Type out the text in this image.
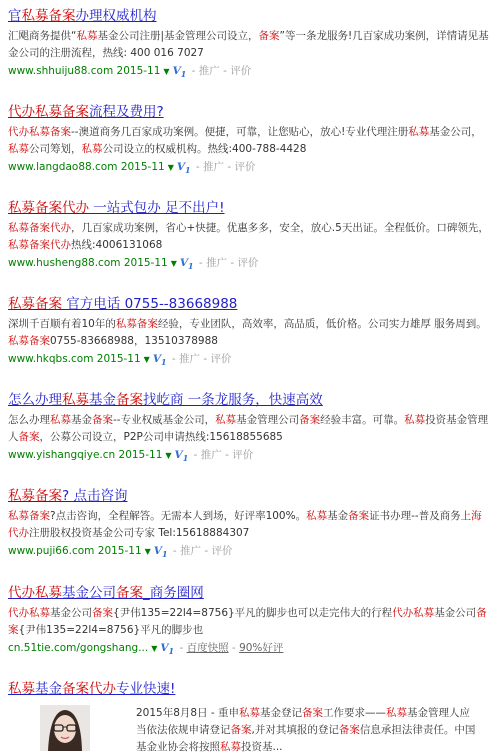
官私募备案办理权威机构
汇飓商务提供“私募基金公司注册|基金管理公司设立，备案”等一条龙服务!几百家成功案例，详情请见基金公司的注册流程，热线: 400 016 7027
www.shhuiju88.com 2015-11 ▼ $V_1$ - 推广 - 评价
代办私募备案流程及费用?
代办私募备案--澳道商务几百家成功案例。便捷，可靠，让您贴心，放心!专业代理注册私募基金公司，私募公司筹划，私募公司设立的权威机构。热线:400-788-4428
www.langdao88.com 2015-11 ▼ $V_1$ - 推广 - 评价
私募备案代办 一站式包办 足不出户!
私募备案代办，几百家成功案例，省心+快捷。优惠多多，安全，放心.5天出证。全程低价。口碑领先，私募备案代办热线:4006131068
www.husheng88.com 2015-11 ▼ $V_1$ - 推广 - 评价
私募备案 官方电话 0755--83668988
深圳千百顺有着10年的私募备案经验，专业团队，高效率，高品质，低价格。公司实力雄厚 服务周到。私募备案0755-83668988，13510378988
www.hkqbs.com 2015-11 ▼ $V_1$ - 推广 - 评价
怎么办理私募基金备案找屹商 一条龙服务，快速高效
怎么办理私募基金备案--专业权威基金公司，私募基金管理公司备案经验丰富。可靠。私募投资基金管理人备案，公募公司设立，P2P公司申请热线:15618855685
www.yishangqiye.cn 2015-11 ▼ $V_1$ - 推广 - 评价
私募备案? 点击咨询
私募备案?点击咨询，全程解答。无需本人到场，好评率100%。私募基金备案证书办理--普及商务上海代办注册股权投资基金公司专家 Tel:15618884307
www.puji66.com 2015-11 ▼ $V_1$ - 推广 - 评价
代办私募基金公司备案_商务圈网
代办私募基金公司备案{尹伟135=22l4=8756}平凡的脚步也可以走完伟大的行程代办私募基金公司备案{尹伟135=22l4=8756}平凡的脚步也
cn.51tie.com/gongshang... ▼ $V_1$ - 百度快照 - 90%好评
私募基金备案代办专业快速!
2015年8月8日 - 重申私募基金登记备案工作要求——私募基金管理人应当依法依规申请登记备案,并对其填报的登记备案信息承担法律责任。中国基金业协会将按照私募投资基...
